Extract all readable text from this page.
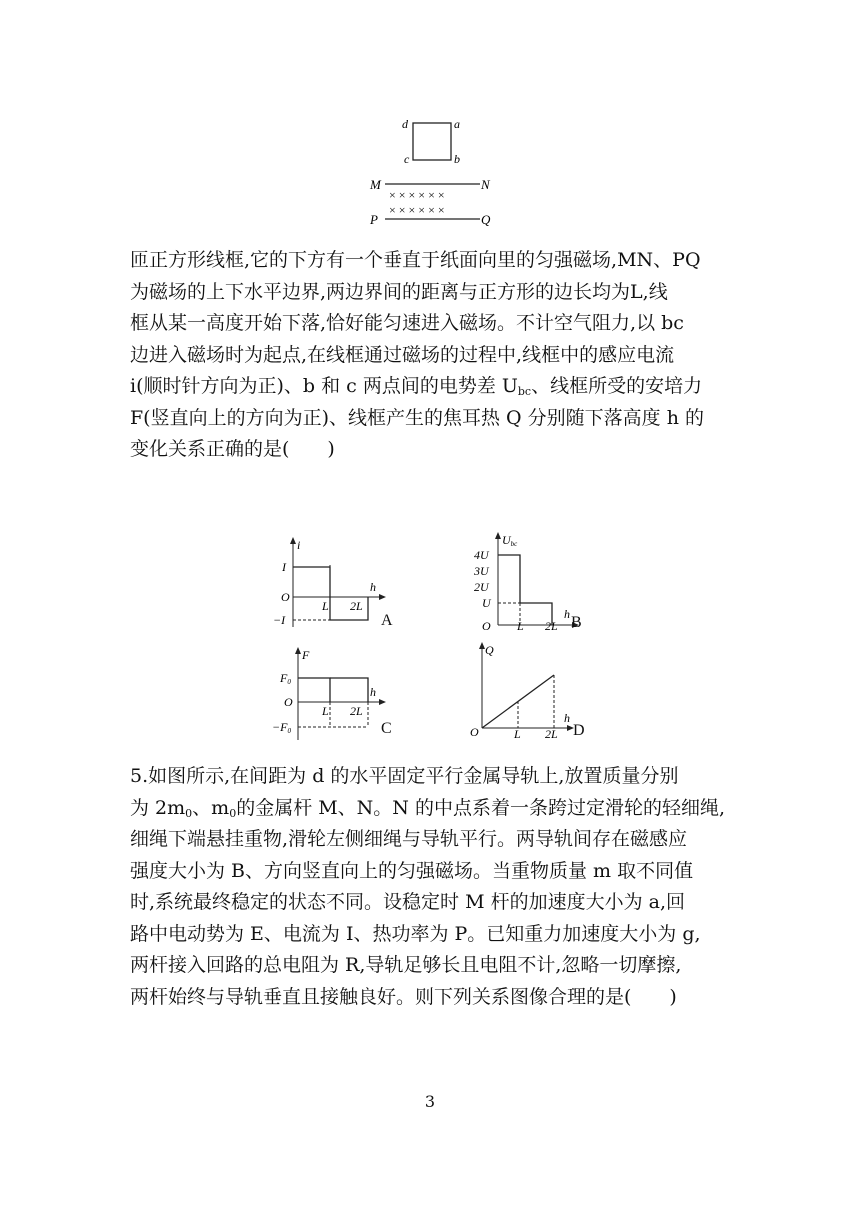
d	a
c	b
M	N
P	Q
× × × × × ×
× × × × × ×
匝正方形线框,它的下方有一个垂直于纸面向里的匀强磁场,MN、PQ
为磁场的上下水平边界,两边界间的距离与正方形的边长均为L,线
框从某一高度开始下落,恰好能匀速进入磁场。不计空气阻力,以 bc
边进入磁场时为起点,在线框通过磁场的过程中,线框中的感应电流
i(顺时针方向为正)、b 和 c 两点间的电势差 $U_{bc}$、线框所受的安培力
F(竖直向上的方向为正)、线框产生的焦耳热 Q 分别随下落高度 h 的
变化关系正确的是(　　)
i
h
I
−I
O
L 2L
A
Ubc
h
4U
3U
2U
U
O L 2L B
F
h
F0
−F0
O
L 2L
C
Q
h
O	L 2L D
5.如图所示,在间距为 d 的水平固定平行金属导轨上,放置质量分别
为 $2m_0$、$m_0$的金属杆 M、N。N 的中点系着一条跨过定滑轮的轻细绳,
细绳下端悬挂重物,滑轮左侧细绳与导轨平行。两导轨间存在磁感应
强度大小为 B、方向竖直向上的匀强磁场。当重物质量 m 取不同值
时,系统最终稳定的状态不同。设稳定时 M 杆的加速度大小为 a,回
路中电动势为 E、电流为 I、热功率为 P。已知重力加速度大小为 g,
两杆接入回路的总电阻为 R,导轨足够长且电阻不计,忽略一切摩擦,
两杆始终与导轨垂直且接触良好。则下列关系图像合理的是(　　)
3
